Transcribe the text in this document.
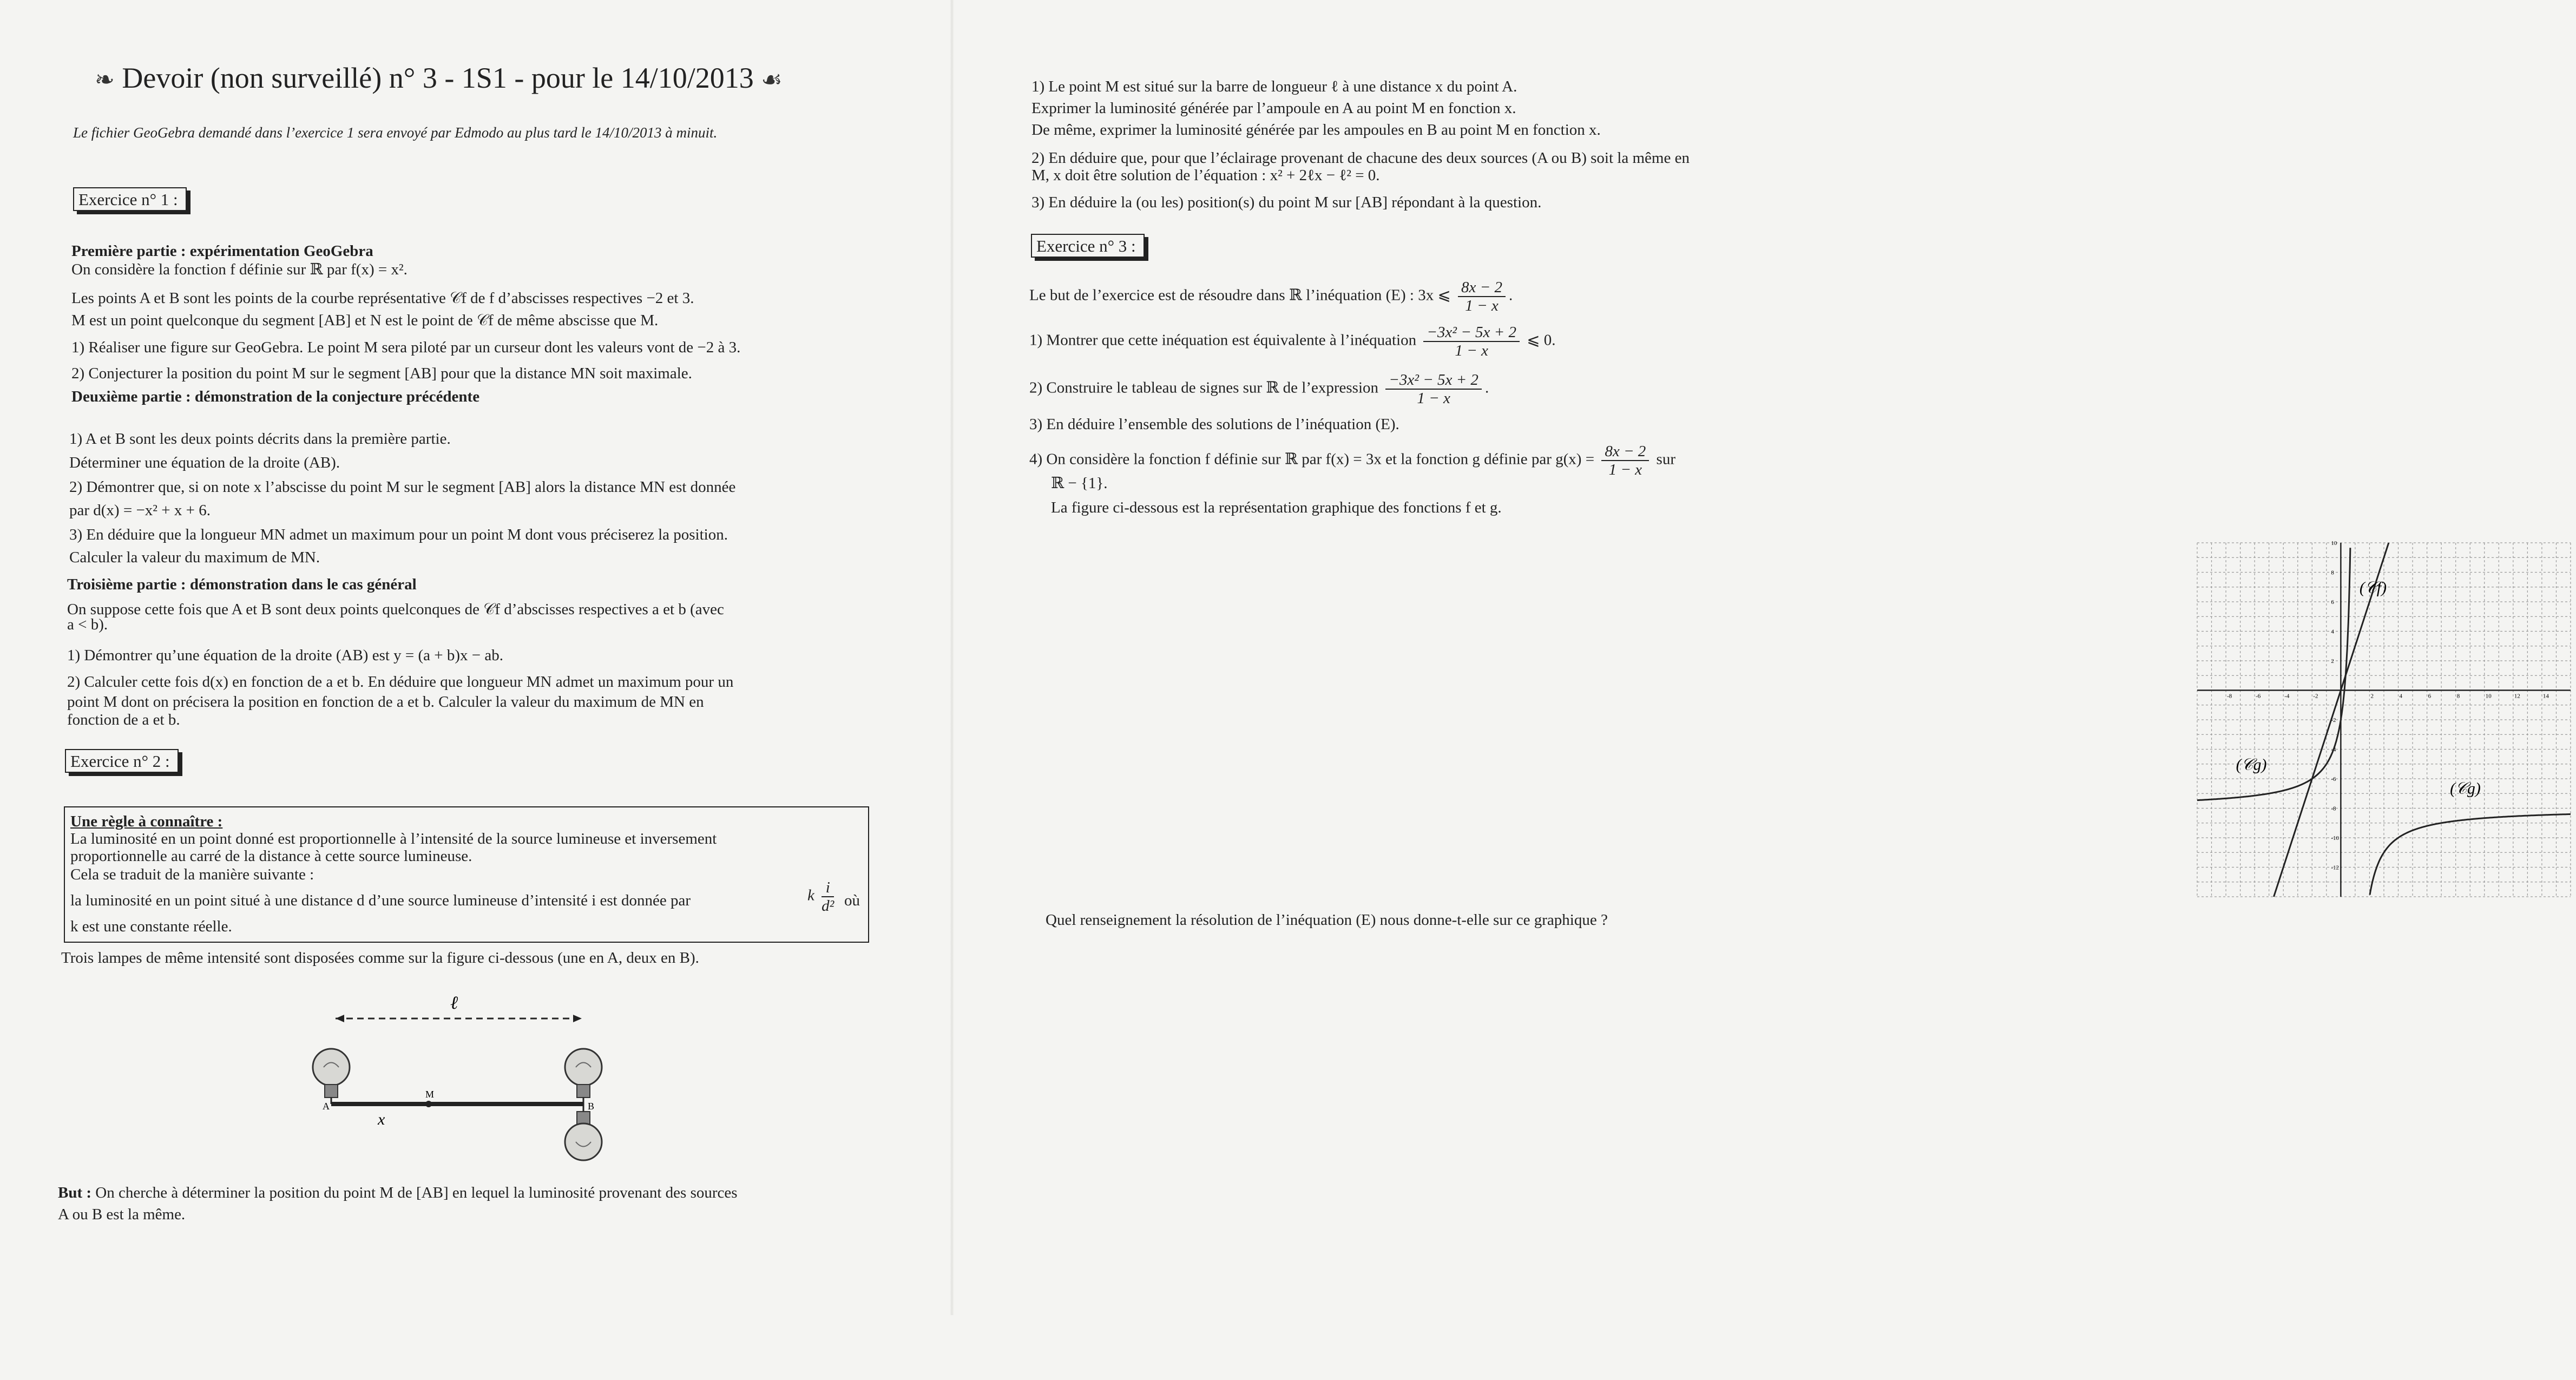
❧ Devoir (non surveillé) n° 3 - 1S1 - pour le 14/10/2013 ☙
Le fichier GeoGebra demandé dans l’exercice 1 sera envoyé par Edmodo au plus tard le 14/10/2013 à minuit.
Exercice n° 1 :
Première partie : expérimentation GeoGebra
On considère la fonction f définie sur ℝ par f(x) = x².
Les points A et B sont les points de la courbe représentative 𝒞f de f d’abscisses respectives −2 et 3.
M est un point quelconque du segment [AB] et N est le point de 𝒞f de même abscisse que M.
1) Réaliser une figure sur GeoGebra. Le point M sera piloté par un curseur dont les valeurs vont de −2 à 3.
2) Conjecturer la position du point M sur le segment [AB] pour que la distance MN soit maximale.
Deuxième partie : démonstration de la conjecture précédente
1) A et B sont les deux points décrits dans la première partie.
Déterminer une équation de la droite (AB).
2) Démontrer que, si on note x l’abscisse du point M sur le segment [AB] alors la distance MN est donnée
par d(x) = −x² + x + 6.
3) En déduire que la longueur MN admet un maximum pour un point M dont vous préciserez la position.
Calculer la valeur du maximum de MN.
Troisième partie : démonstration dans le cas général
On suppose cette fois que A et B sont deux points quelconques de 𝒞f d’abscisses respectives a et b (avec
a < b).
1) Démontrer qu’une équation de la droite (AB) est y = (a + b)x − ab.
2) Calculer cette fois d(x) en fonction de a et b. En déduire que longueur MN admet un maximum pour un
point M dont on précisera la position en fonction de a et b. Calculer la valeur du maximum de MN en
fonction de a et b.
Exercice n° 2 :
Une règle à connaître :
La luminosité en un point donné est proportionnelle à l’intensité de la source lumineuse et inversement
proportionnelle au carré de la distance à cette source lumineuse.
Cela se traduit de la manière suivante :
la luminosité en un point situé à une distance d d’une source lumineuse d’intensité i est donnée par	k $\frac{i}{\text{d²}}$ où
k est une constante réelle.
Trois lampes de même intensité sont disposées comme sur la figure ci-dessous (une en A, deux en B).
ℓ
A	B
M
x
But : On cherche à déterminer la position du point M de [AB] en lequel la luminosité provenant des sources
A ou B est la même.
1) Le point M est situé sur la barre de longueur ℓ à une distance x du point A.
Exprimer la luminosité générée par l’ampoule en A au point M en fonction x.
De même, exprimer la luminosité générée par les ampoules en B au point M en fonction x.
2) En déduire que, pour que l’éclairage provenant de chacune des deux sources (A ou B) soit la même en
M, x doit être solution de l’équation : x² + 2ℓx − ℓ² = 0.
3) En déduire la (ou les) position(s) du point M sur [AB] répondant à la question.
Exercice n° 3 :
Le but de l’exercice est de résoudre dans ℝ l’inéquation (E) : 3x ⩽ $\frac{8x - 2}{1 - x}$ .
1) Montrer que cette inéquation est équivalente à l’inéquation $\frac{\text{−3x² − 5x + 2}}{1 - x}$ ⩽ 0.
2) Construire le tableau de signes sur ℝ de l’expression $\frac{\text{−3x² − 5x + 2}}{1 - x}$ .
3) En déduire l’ensemble des solutions de l’inéquation (E).
4) On considère la fonction f définie sur ℝ par f(x) = 3x et la fonction g définie par $g(x) = \frac{8x - 2}{1 - x}$ sur
ℝ − {1}.
La figure ci-dessous est la représentation graphique des fonctions f et g.
-8	-6	-4	-2	2	4	6	8	10	12	14
10
8
6
4
2
-2
-4
-6
-8
-10
-12
(𝒞f)
(𝒞g)
(𝒞g)
Quel renseignement la résolution de l’inéquation (E) nous donne-t-elle sur ce graphique ?
